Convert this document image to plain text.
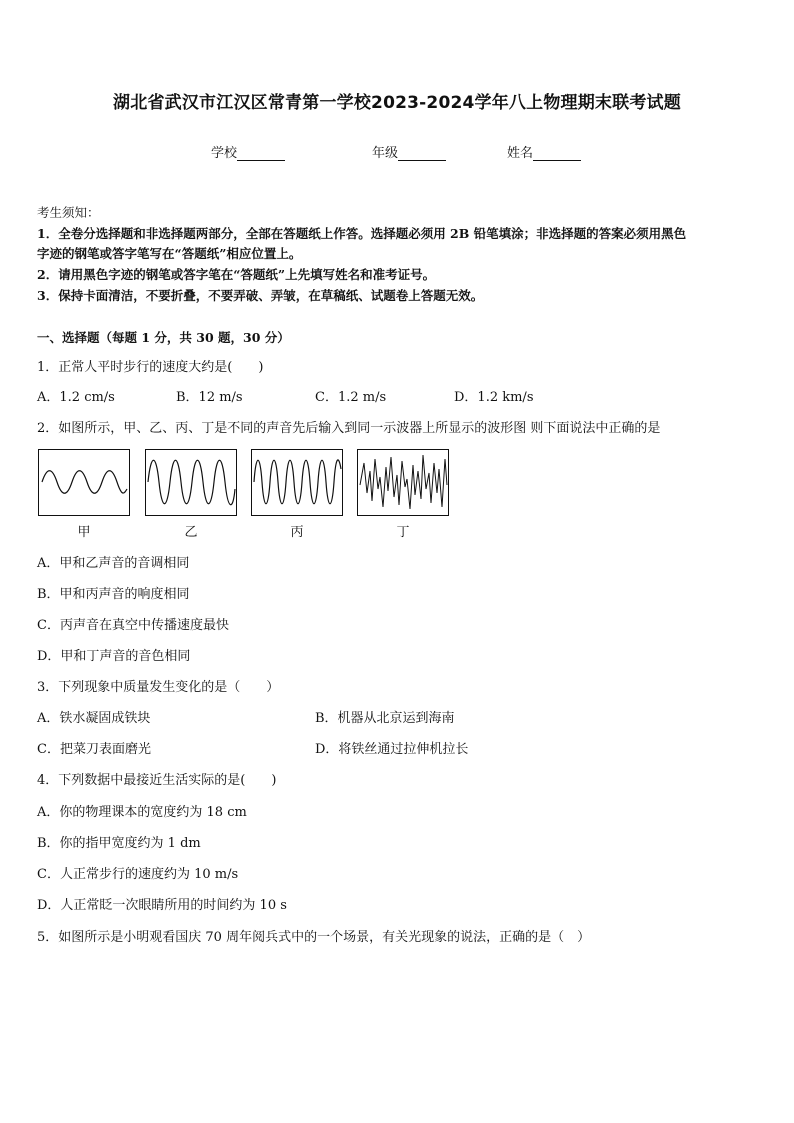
湖北省武汉市江汉区常青第一学校2023-2024学年八上物理期末联考试题
学校	年级	姓名
考生须知：
1．全卷分选择题和非选择题两部分，全部在答题纸上作答。选择题必须用 2B 铅笔填涂；非选择题的答案必须用黑色
字迹的钢笔或答字笔写在“答题纸”相应位置上。
2．请用黑色字迹的钢笔或答字笔在“答题纸”上先填写姓名和准考证号。
3．保持卡面清洁，不要折叠，不要弄破、弄皱，在草稿纸、试题卷上答题无效。
一、选择题（每题 1 分，共 30 题，30 分）
1．正常人平时步行的速度大约是(　　)
A．1.2 cm/s	B．12 m/s	C．1.2 m/s	D．1.2 km/s
2．如图所示，甲、乙、丙、丁是不同的声音先后输入到同一示波器上所显示的波形图 则下面说法中正确的是
甲	乙	丙	丁
A．甲和乙声音的音调相同
B．甲和丙声音的响度相同
C．丙声音在真空中传播速度最快
D．甲和丁声音的音色相同
3．下列现象中质量发生变化的是（　　）
A．铁水凝固成铁块	B．机器从北京运到海南
C．把菜刀表面磨光	D．将铁丝通过拉伸机拉长
4．下列数据中最接近生活实际的是(　　)
A．你的物理课本的宽度约为 18 cm
B．你的指甲宽度约为 1 dm
C．人正常步行的速度约为 10 m/s
D．人正常眨一次眼睛所用的时间约为 10 s
5．如图所示是小明观看国庆 70 周年阅兵式中的一个场景，有关光现象的说法，正确的是（　）
